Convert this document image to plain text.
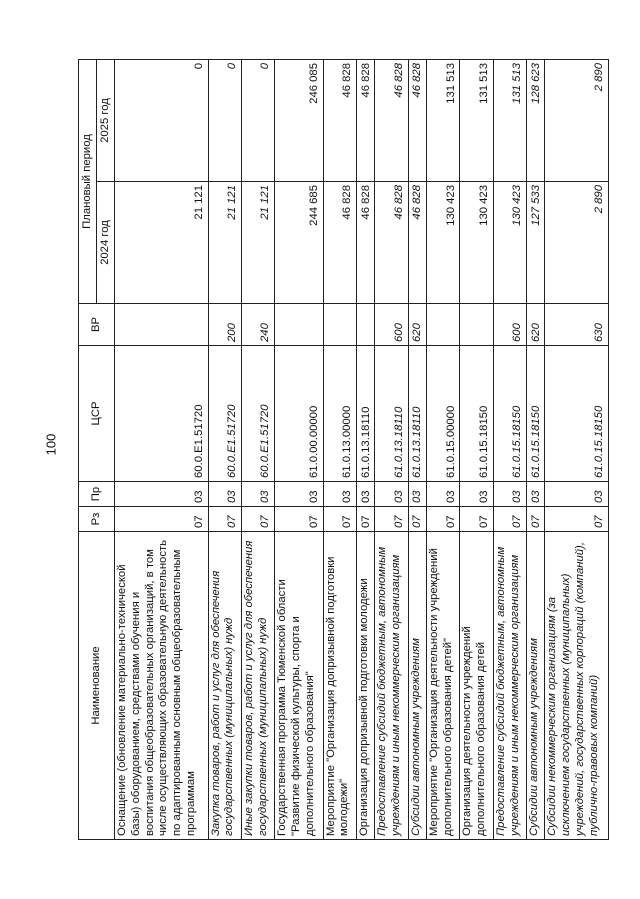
100
Наименование	Рз	Пр	ЦСР	ВР	Плановый период	
					2024 год	2025 год
Оснащение (обновление материально-технической базы) оборудованием, средствами обучения и воспитания общеобразовательных организаций, в том числе осуществляющих образовательную деятельность по адаптированным основным общеобразовательным программам	07	03	60.0.Е1.51720		21 121	0
Закупка товаров, работ и услуг для обеспечения государственных (муниципальных) нужд	07	03	60.0.Е1.51720	200	21 121	0
Иные закупки товаров, работ и услуг для обеспечения государственных (муниципальных) нужд	07	03	60.0.Е1.51720	240	21 121	0
Государственная программа Тюменской области "Развитие физической культуры, спорта и дополнительного образования"	07	03	61.0.00.00000		244 685	246 085
Мероприятие "Организация допризывной подготовки молодежи"	07	03	61.0.13.00000		46 828	46 828
Организация допризывной подготовки молодежи	07	03	61.0.13.18110		46 828	46 828
Предоставление субсидий бюджетным, автономным учреждениям и иным некоммерческим организациям	07	03	61.0.13.18110	600	46 828	46 828
Субсидии автономным учреждениям	07	03	61.0.13.18110	620	46 828	46 828
Мероприятие "Организация деятельности учреждений дополнительного образования детей"	07	03	61.0.15.00000		130 423	131 513
Организация деятельности учреждений дополнительного образования детей	07	03	61.0.15.18150		130 423	131 513
Предоставление субсидий бюджетным, автономным учреждениям и иным некоммерческим организациям	07	03	61.0.15.18150	600	130 423	131 513
Субсидии автономным учреждениям	07	03	61.0.15.18150	620	127 533	128 623
Субсидии некоммерческим организациям (за исключением государственных (муниципальных) учреждений, государственных корпораций (компаний), публично-правовых компаний)	07	03	61.0.15.18150	630	2 890	2 890
